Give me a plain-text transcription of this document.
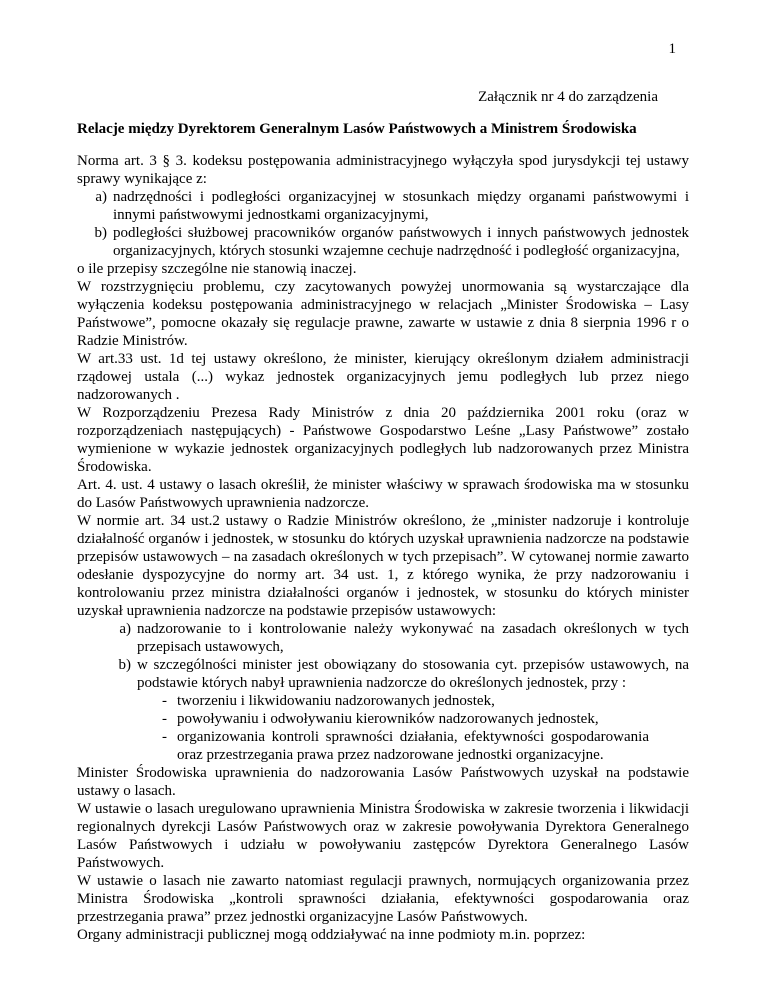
1
Załącznik nr 4 do zarządzenia
Relacje między Dyrektorem Generalnym Lasów Państwowych a Ministrem Środowiska

Norma art. 3 § 3. kodeksu postępowania administracyjnego wyłączyła spod jurysdykcji tej ustawy sprawy wynikające z:

a) nadrzędności i podległości organizacyjnej w stosunkach między organami państwowymi i innymi państwowymi jednostkami organizacyjnymi,
b) podległości służbowej pracowników organów państwowych i innych państwowych jednostek organizacyjnych, których stosunki wzajemne cechuje nadrzędność i podległość organizacyjna,

o ile przepisy szczególne nie stanowią inaczej.

W rozstrzygnięciu problemu, czy zacytowanych powyżej unormowania są wystarczające dla wyłączenia kodeksu postępowania administracyjnego w relacjach „Minister Środowiska – Lasy Państwowe”, pomocne okazały się regulacje prawne, zawarte w ustawie z dnia 8 sierpnia 1996 r o Radzie Ministrów.

W art.33 ust. 1d tej ustawy określono, że minister, kierujący określonym działem administracji rządowej ustala (...) wykaz jednostek organizacyjnych jemu podległych lub przez niego nadzorowanych .

W Rozporządzeniu Prezesa Rady Ministrów z dnia 20 października 2001 roku (oraz w rozporządzeniach następujących) - Państwowe Gospodarstwo Leśne „Lasy Państwowe” zostało wymienione w wykazie jednostek organizacyjnych podległych lub nadzorowanych przez Ministra Środowiska.

Art. 4. ust. 4 ustawy o lasach określił, że minister właściwy w sprawach środowiska ma w stosunku do Lasów Państwowych uprawnienia nadzorcze.

W normie art. 34 ust.2 ustawy o Radzie Ministrów określono, że „minister nadzoruje i kontroluje działalność organów i jednostek, w stosunku do których uzyskał uprawnienia nadzorcze na podstawie przepisów ustawowych – na zasadach określonych w tych przepisach”. W cytowanej normie zawarto odesłanie dyspozycyjne do normy art. 34 ust. 1, z którego wynika, że przy nadzorowaniu i kontrolowaniu przez ministra działalności organów i jednostek, w stosunku do których minister uzyskał uprawnienia nadzorcze na podstawie przepisów ustawowych:

a) nadzorowanie to i kontrolowanie należy wykonywać na zasadach określonych w tych przepisach ustawowych,
b) w szczególności minister jest obowiązany do stosowania cyt. przepisów ustawowych, na podstawie których nabył uprawnienia nadzorcze do określonych jednostek, przy :
- tworzeniu i likwidowaniu nadzorowanych jednostek,
- powoływaniu i odwoływaniu kierowników nadzorowanych jednostek,
- organizowania kontroli sprawności działania, efektywności gospodarowania oraz przestrzegania prawa przez nadzorowane jednostki organizacyjne.

Minister Środowiska uprawnienia do nadzorowania Lasów Państwowych uzyskał na podstawie ustawy o lasach.

W ustawie o lasach uregulowano uprawnienia Ministra Środowiska w zakresie tworzenia i likwidacji regionalnych dyrekcji Lasów Państwowych oraz w zakresie powoływania Dyrektora Generalnego Lasów Państwowych i udziału w powoływaniu zastępców Dyrektora Generalnego Lasów Państwowych.

W ustawie o lasach nie zawarto natomiast regulacji prawnych, normujących organizowania przez Ministra Środowiska „kontroli sprawności działania, efektywności gospodarowania oraz przestrzegania prawa” przez jednostki organizacyjne Lasów Państwowych.

Organy administracji publicznej mogą oddziaływać na inne podmioty m.in. poprzez:
